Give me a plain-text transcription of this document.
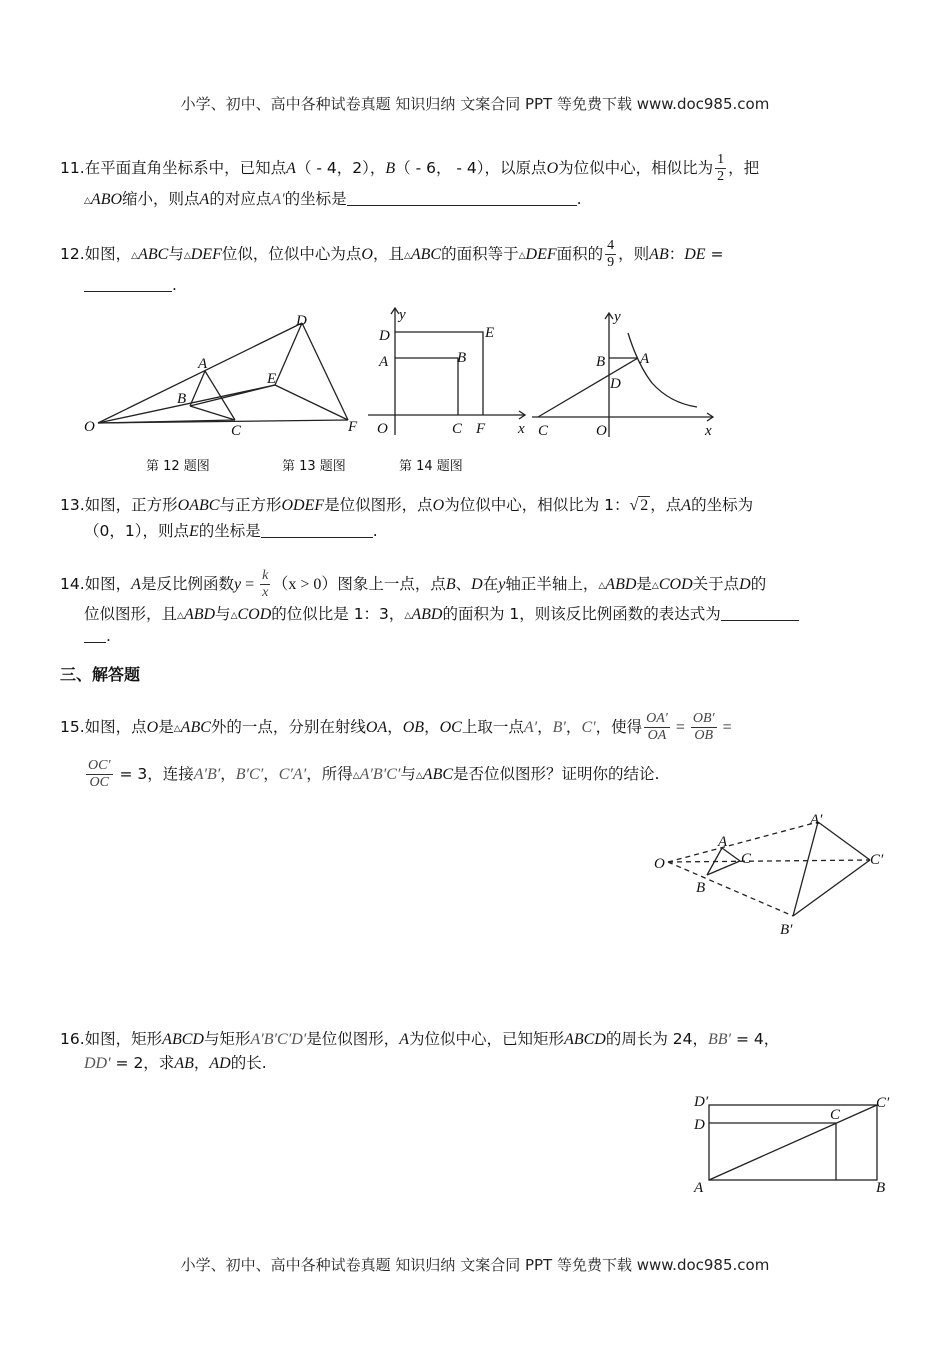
小学、初中、高中各种试卷真题 知识归纳 文案合同 PPT 等免费下载 www.doc985.com
11.在平面直角坐标系中，已知点A（ - 4，2），B（ - 6， - 4），以原点O为位似中心，相似比为 $\frac{1}{2}$ ，把
△ABO缩小，则点A的对应点A′的坐标是	.
12.如图，△ABC与△DEF位似，位似中心为点O，且△ABC的面积等于△DEF面积的 $\frac{4}{9}$ ，则AB：DE =
.
O
A
B
C
D
E
F
y
D
A	B
E
O	C F x
y
B A
D
C	O	x
第 12 题图	第 13 题图	第 14 题图
13.如图，正方形OABC与正方形ODEF是位似图形，点O为位似中心，相似比为 1：√ 2 ，点A的坐标为
（0，1），则点E的坐标是	.
14.如图，A是反比例函数$y = \frac{k}{x} (x > 0)$图象上一点，点B、D在y轴正半轴上，△ABD是△COD关于点D的
位似图形，且△ABD与△COD的位似比是 1：3，△ABD的面积为 1，则该反比例函数的表达式为
.
三、解答题
15.如图，点O是△ABC外的一点，分别在射线OA，OB，OC上取一点A′，B′，C′，使得 $\frac{OA'}{OA} = \frac{OB'}{OB}$ =
$\frac{OC'}{OC} = 3$，连接A′B′，B′C′，C′A′，所得△A′B′C′与△ABC是否位似图形？证明你的结论.
O
A
C
B
A′
C′
B′
16.如图，矩形ABCD与矩形A′B′C′D′是位似图形，A为位似中心，已知矩形ABCD的周长为 24，BB′ = 4，
DD′ = 2，求AB，AD的长.
D′
D
A
C
C′
B
小学、初中、高中各种试卷真题 知识归纳 文案合同 PPT 等免费下载 www.doc985.com
